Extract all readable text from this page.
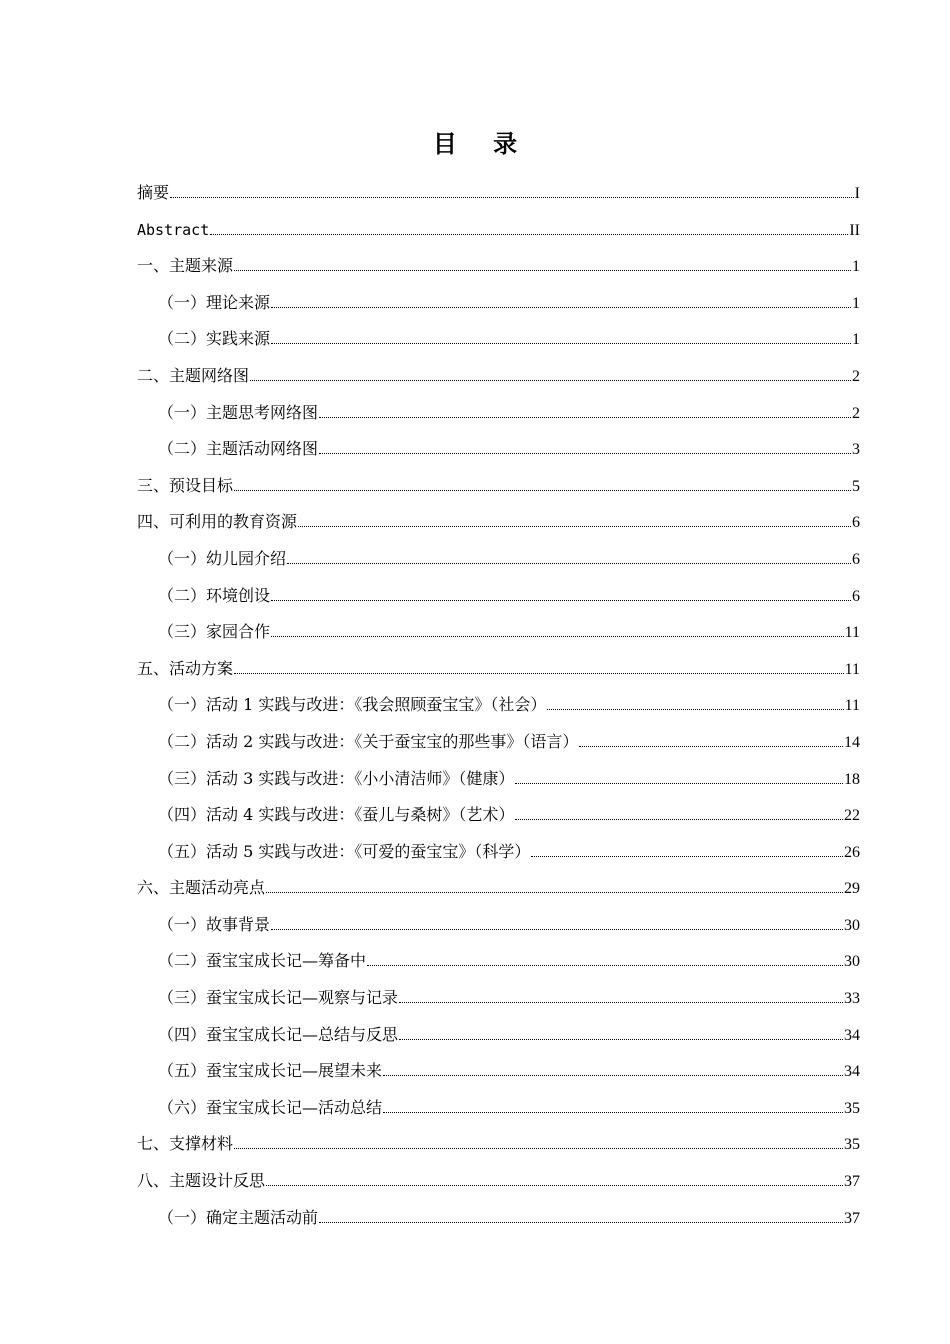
目 录
摘要	I
Abstract	II
一、主题来源	1
（一）理论来源	1
（二）实践来源	1
二、主题网络图	2
（一）主题思考网络图	2
（二）主题活动网络图	3
三、预设目标	5
四、可利用的教育资源	6
（一）幼儿园介绍	6
（二）环境创设	6
（三）家园合作	11
五、活动方案	11
（一）活动 1 实践与改进：《我会照顾蚕宝宝》（社会）	11
（二）活动 2 实践与改进：《关于蚕宝宝的那些事》（语言）	14
（三）活动 3 实践与改进：《小小清洁师》（健康）	18
（四）活动 4 实践与改进：《蚕儿与桑树》（艺术）	22
（五）活动 5 实践与改进：《可爱的蚕宝宝》（科学）	26
六、主题活动亮点	29
（一）故事背景	30
（二）蚕宝宝成长记—筹备中	30
（三）蚕宝宝成长记—观察与记录	33
（四）蚕宝宝成长记—总结与反思	34
（五）蚕宝宝成长记—展望未来	34
（六）蚕宝宝成长记—活动总结	35
七、支撑材料	35
八、主题设计反思	37
（一）确定主题活动前	37
